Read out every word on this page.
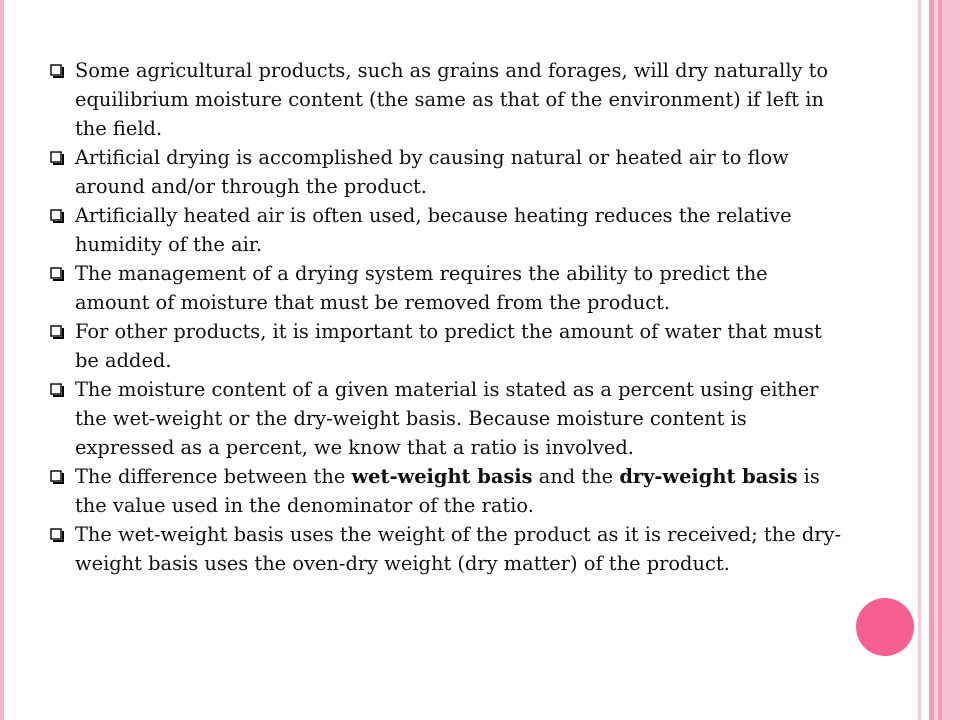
Some agricultural products, such as grains and forages, will dry naturally to equilibrium moisture content (the same as that of the environment) if left in the field.
Artificial drying is accomplished by causing natural or heated air to flow around and/or through the product.
Artificially heated air is often used, because heating reduces the relative humidity of the air.
The management of a drying system requires the ability to predict the amount of moisture that must be removed from the product.
For other products, it is important to predict the amount of water that must be added.
The moisture content of a given material is stated as a percent using either the wet-weight or the dry-weight basis. Because moisture content is expressed as a percent, we know that a ratio is involved.
The difference between the wet-weight basis and the dry-weight basis is the value used in the denominator of the ratio.
The wet-weight basis uses the weight of the product as it is received; the dry-weight basis uses the oven-dry weight (dry matter) of the product.
